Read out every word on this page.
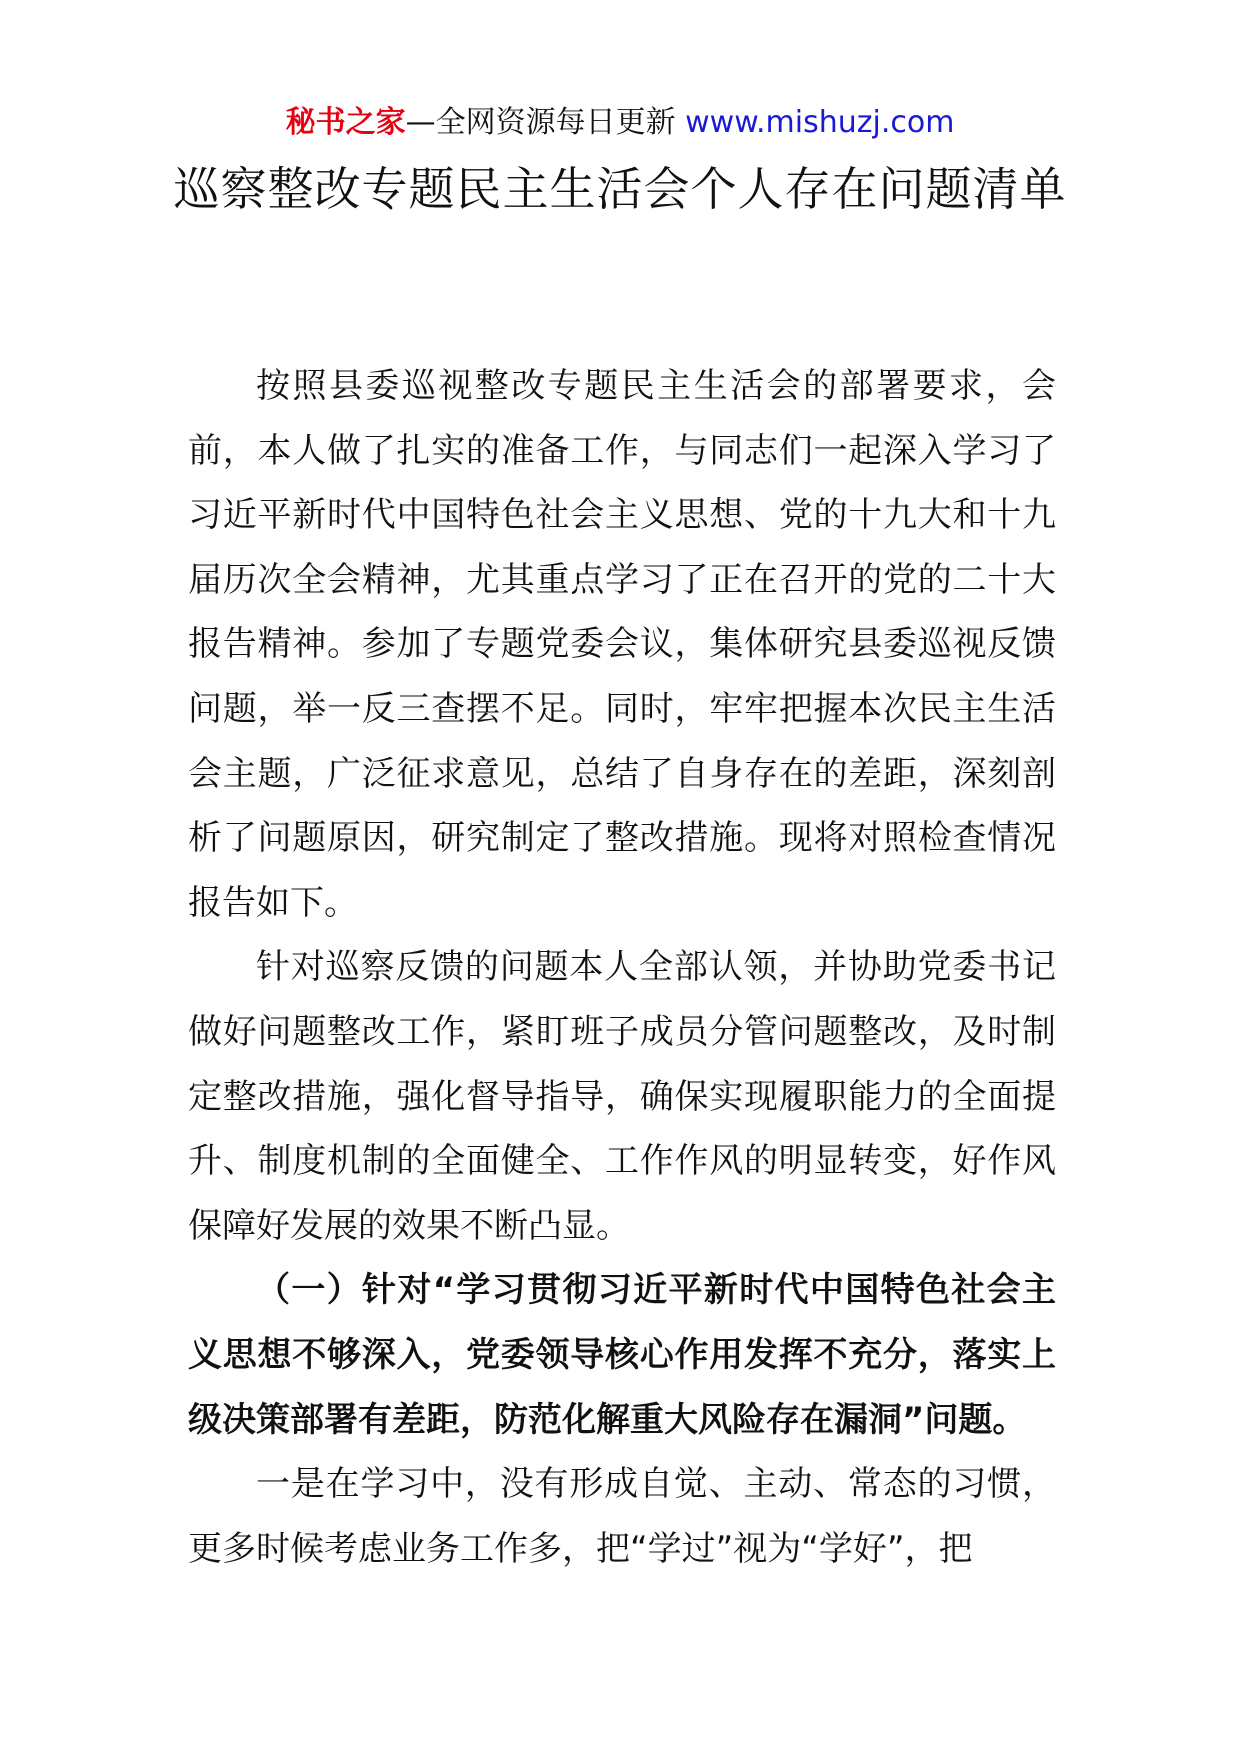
秘书之家—全网资源每日更新 www.mishuzj.com
巡察整改专题民主生活会个人存在问题清单

按照县委巡视整改专题民主生活会的部署要求，会前，本人做了扎实的准备工作，与同志们一起深入学习了习近平新时代中国特色社会主义思想、党的十九大和十九届历次全会精神，尤其重点学习了正在召开的党的二十大报告精神。参加了专题党委会议，集体研究县委巡视反馈问题，举一反三查摆不足。同时，牢牢把握本次民主生活会主题，广泛征求意见，总结了自身存在的差距，深刻剖析了问题原因，研究制定了整改措施。现将对照检查情况报告如下。

针对巡察反馈的问题本人全部认领，并协助党委书记做好问题整改工作，紧盯班子成员分管问题整改，及时制定整改措施，强化督导指导，确保实现履职能力的全面提升、制度机制的全面健全、工作作风的明显转变，好作风保障好发展的效果不断凸显。

（一）针对“学习贯彻习近平新时代中国特色社会主义思想不够深入，党委领导核心作用发挥不充分，落实上级决策部署有差距，防范化解重大风险存在漏洞”问题。

一是在学习中，没有形成自觉、主动、常态的习惯，更多时候考虑业务工作多，把“学过”视为“学好”，把
